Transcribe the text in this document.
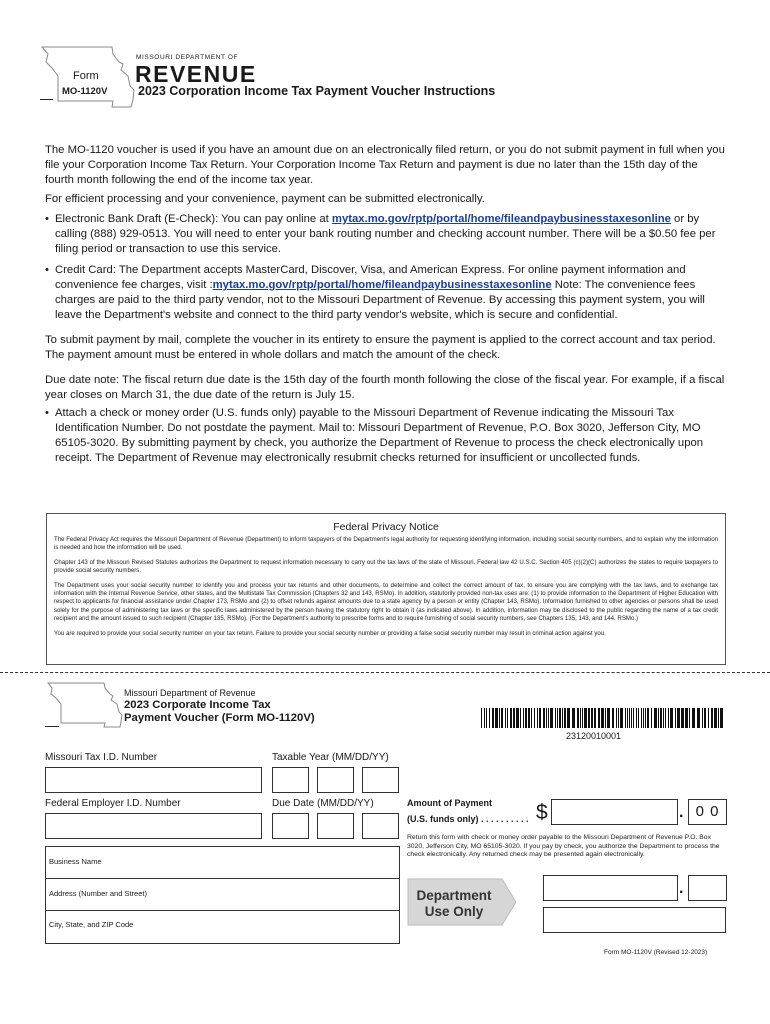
Form
MO-1120V
MISSOURI DEPARTMENT OF
REVENUE
2023 Corporation Income Tax Payment Voucher Instructions

The MO-1120 voucher is used if you have an amount due on an electronically filed return, or you do not submit payment in full when you file your Corporation Income Tax Return. Your Corporation Income Tax Return and payment is due no later than the 15th day of the fourth month following the end of the income tax year.

For efficient processing and your convenience, payment can be submitted electronically.

• Electronic Bank Draft (E-Check): You can pay online at mytax.mo.gov/rptp/portal/home/fileandpaybusinesstaxesonline or by calling (888) 929-0513. You will need to enter your bank routing number and checking account number. There will be a $0.50 fee per filing period or transaction to use this service.
• Credit Card: The Department accepts MasterCard, Discover, Visa, and American Express. For online payment information and convenience fee charges, visit :mytax.mo.gov/rptp/portal/home/fileandpaybusinesstaxesonline Note: The convenience fees charges are paid to the third party vendor, not to the Missouri Department of Revenue. By accessing this payment system, you will leave the Department's website and connect to the third party vendor's website, which is secure and confidential.

To submit payment by mail, complete the voucher in its entirety to ensure the payment is applied to the correct account and tax period. The payment amount must be entered in whole dollars and match the amount of the check.

Due date note: The fiscal return due date is the 15th day of the fourth month following the close of the fiscal year. For example, if a fiscal year closes on March 31, the due date of the return is July 15.

• Attach a check or money order (U.S. funds only) payable to the Missouri Department of Revenue indicating the Missouri Tax Identification Number. Do not postdate the payment. Mail to: Missouri Department of Revenue, P.O. Box 3020, Jefferson City, MO 65105-3020. By submitting payment by check, you authorize the Department of Revenue to process the check electronically upon receipt. The Department of Revenue may electronically resubmit checks returned for insufficient or uncollected funds.
Federal Privacy Notice

The Federal Privacy Act requires the Missouri Department of Revenue (Department) to inform taxpayers of the Department's legal authority for requesting identifying information, including social security numbers, and to explain why the information is needed and how the information will be used.

Chapter 143 of the Missouri Revised Statutes authorizes the Department to request information necessary to carry out the tax laws of the state of Missouri. Federal law 42 U.S.C. Section 405 (c)(2)(C) authorizes the states to require taxpayers to provide social security numbers.

The Department uses your social security number to identify you and process your tax returns and other documents, to determine and collect the correct amount of tax, to ensure you are complying with the tax laws, and to exchange tax information with the Internal Revenue Service, other states, and the Multistate Tax Commission (Chapters 32 and 143, RSMo). In addition, statutorily provided non-tax uses are: (1) to provide information to the Department of Higher Education with respect to applicants for financial assistance under Chapter 173, RSMo and (2) to offset refunds against amounts due to a state agency by a person or entity (Chapter 143, RSMo). Information furnished to other agencies or persons shall be used solely for the purpose of administering tax laws or the specific laws administered by the person having the statutory right to obtain it (as indicated above). In addition, information may be disclosed to the public regarding the name of a tax credit recipient and the amount issued to such recipient (Chapter 135, RSMo). (For the Department's authority to prescribe forms and to require furnishing of social security numbers, see Chapters 135, 143, and 144, RSMo.)

You are required to provide your social security number on your tax return. Failure to provide your social security number or providing a false social security number may result in criminal action against you.

Missouri Department of Revenue
2023 Corporate Income Tax
Payment Voucher (Form MO-1120V)
23120010001
Missouri Tax I.D. Number	Taxable Year (MM/DD/YY)
Federal Employer I.D. Number	Due Date (MM/DD/YY)
Business Name
Address (Number and Street)
City, State, and ZIP Code
Amount of Payment
(U.S. funds only) . . . . . . . . . . $	. 0 0
Return this form with check or money order payable to the Missouri Department of Revenue P.O. Box 3020, Jefferson City, MO 65105-3020. If you pay by check, you authorize the Department to process the check electronically. Any returned check may be presented again electronically.
Department
Use Only
.
Form MO-1120V (Revised 12-2023)
